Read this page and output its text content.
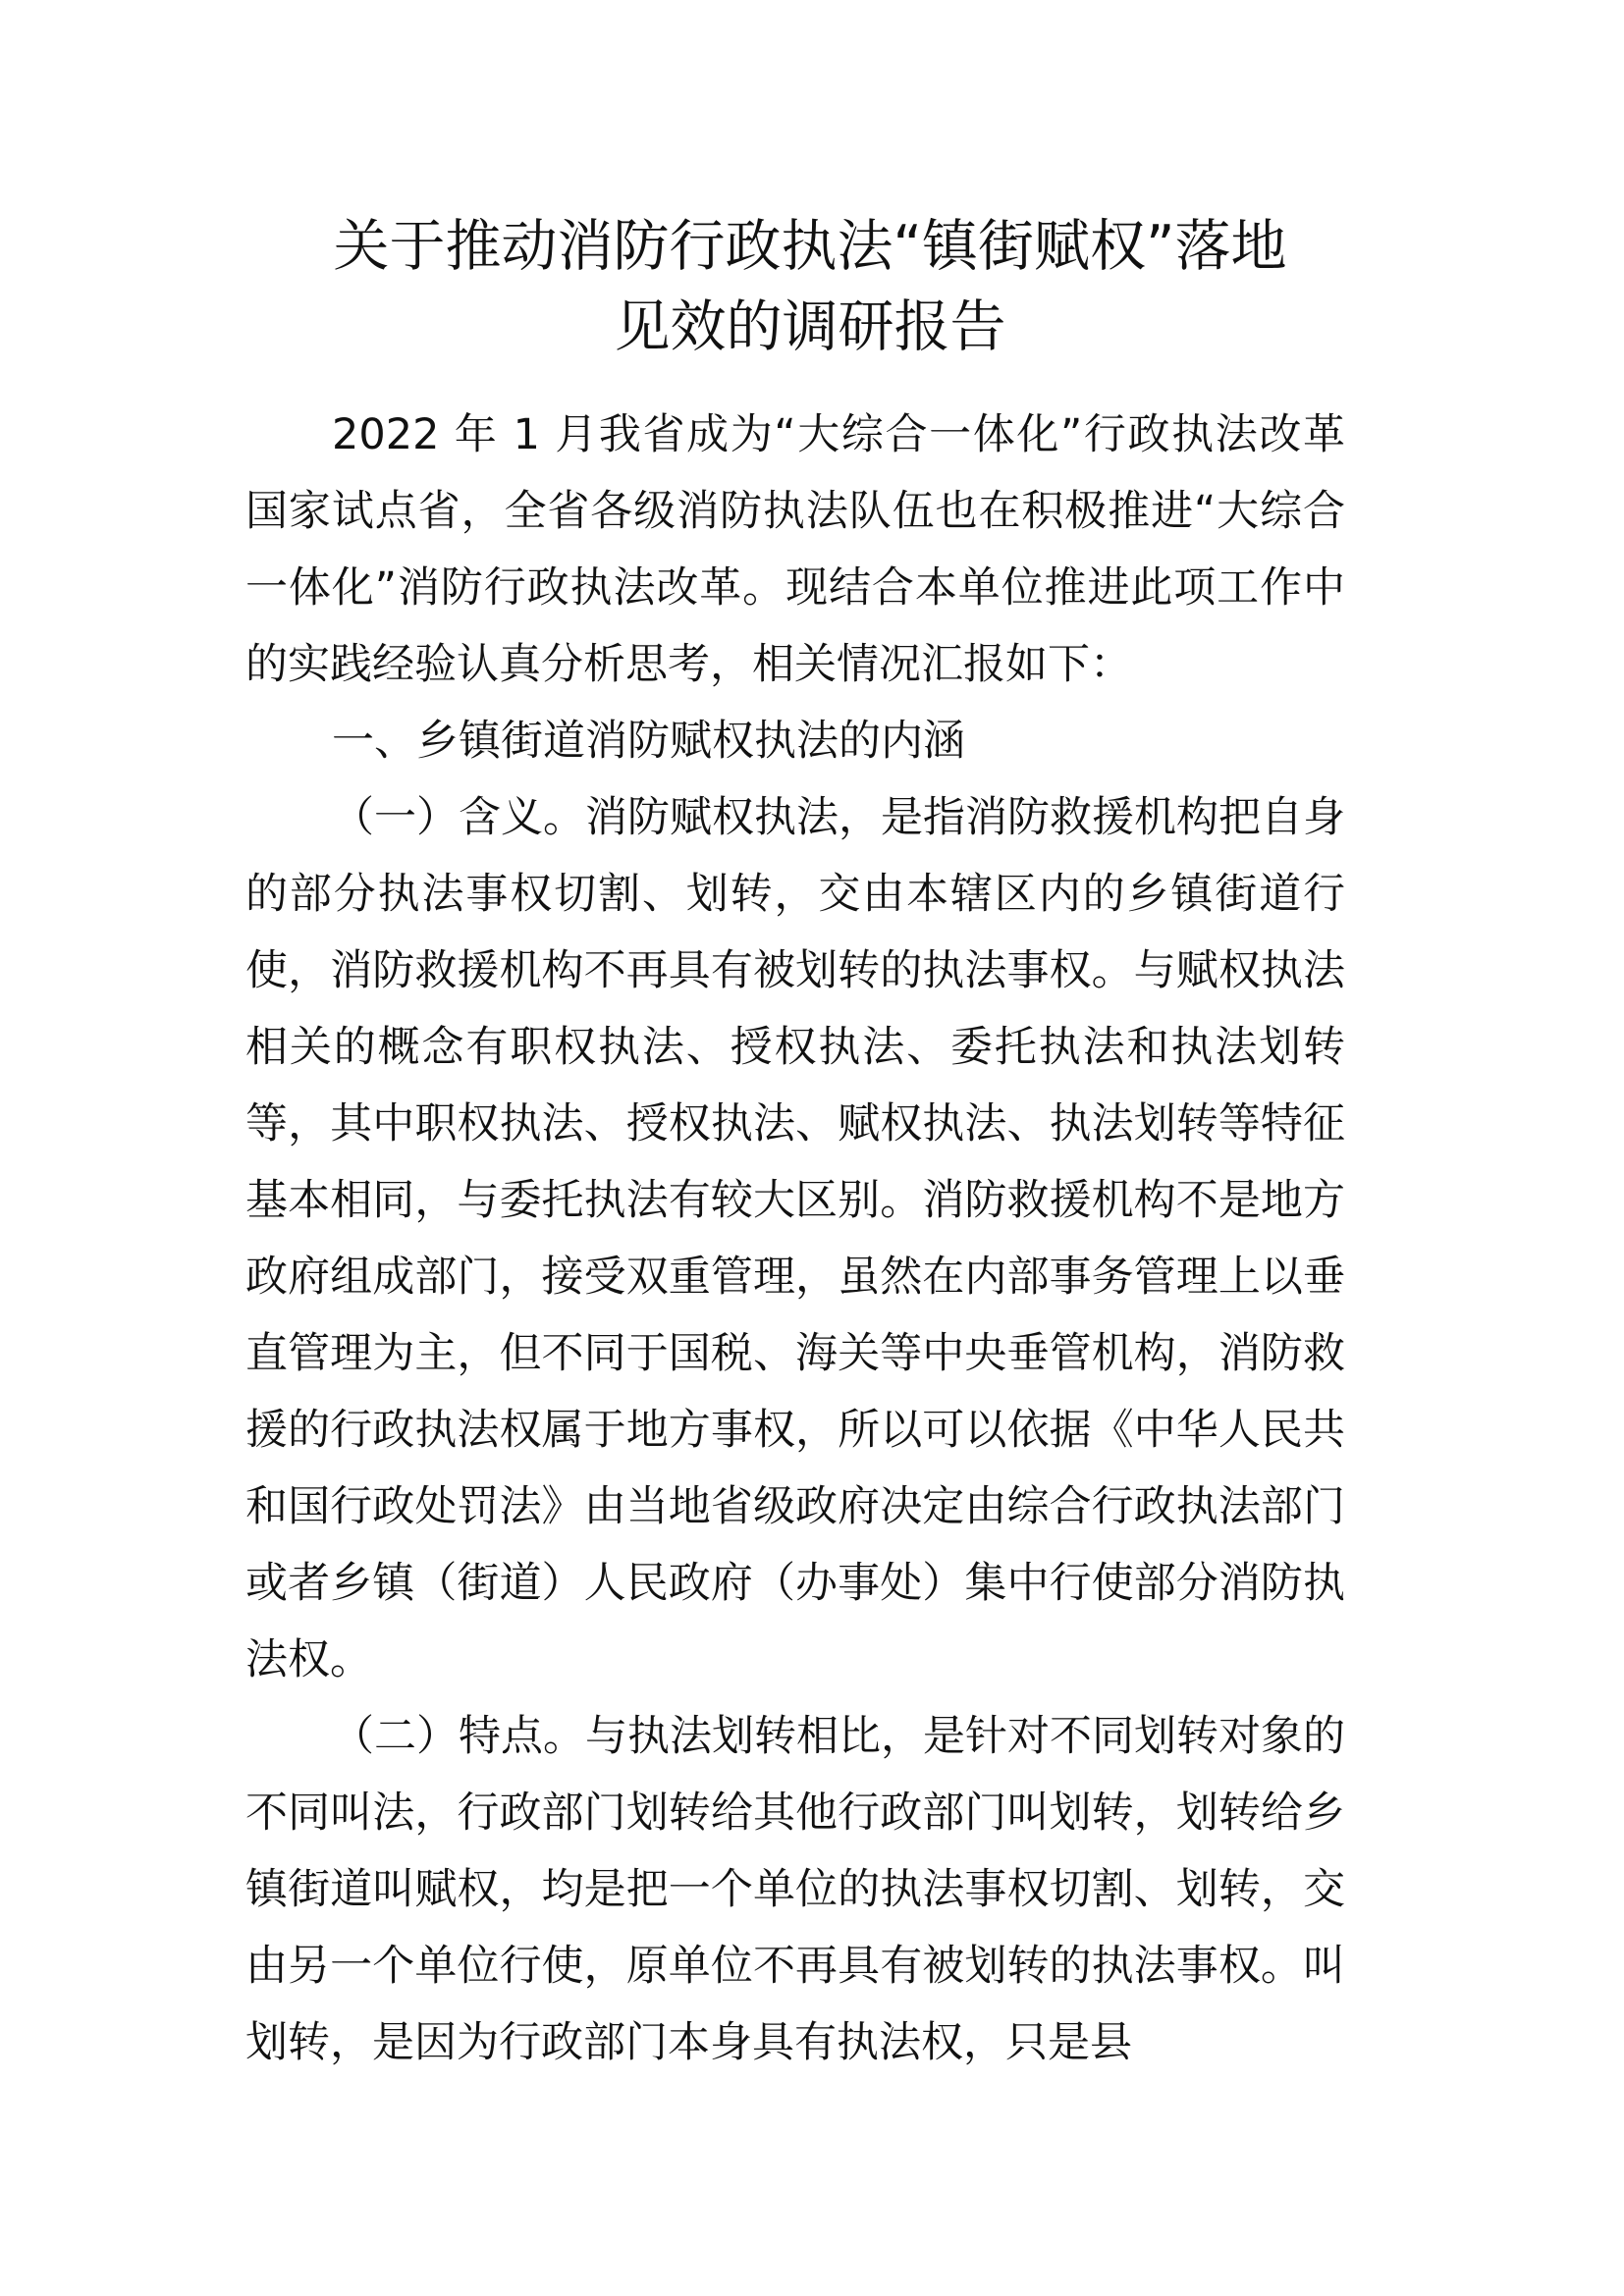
关于推动消防行政执法“镇街赋权”落地
见效的调研报告

2022 年 1 月我省成为“大综合一体化”行政执法改革国家试点省，全省各级消防执法队伍也在积极推进“大综合一体化”消防行政执法改革。现结合本单位推进此项工作中的实践经验认真分析思考，相关情况汇报如下：

一、乡镇街道消防赋权执法的内涵

（一）含义。消防赋权执法，是指消防救援机构把自身的部分执法事权切割、划转，交由本辖区内的乡镇街道行使，消防救援机构不再具有被划转的执法事权。与赋权执法相关的概念有职权执法、授权执法、委托执法和执法划转等，其中职权执法、授权执法、赋权执法、执法划转等特征基本相同，与委托执法有较大区别。消防救援机构不是地方政府组成部门，接受双重管理，虽然在内部事务管理上以垂直管理为主，但不同于国税、海关等中央垂管机构，消防救援的行政执法权属于地方事权，所以可以依据《中华人民共和国行政处罚法》由当地省级政府决定由综合行政执法部门或者乡镇（街道）人民政府（办事处）集中行使部分消防执法权。

（二）特点。与执法划转相比，是针对不同划转对象的不同叫法，行政部门划转给其他行政部门叫划转，划转给乡镇街道叫赋权，均是把一个单位的执法事权切割、划转，交由另一个单位行使，原单位不再具有被划转的执法事权。叫划转，是因为行政部门本身具有执法权，只是县
